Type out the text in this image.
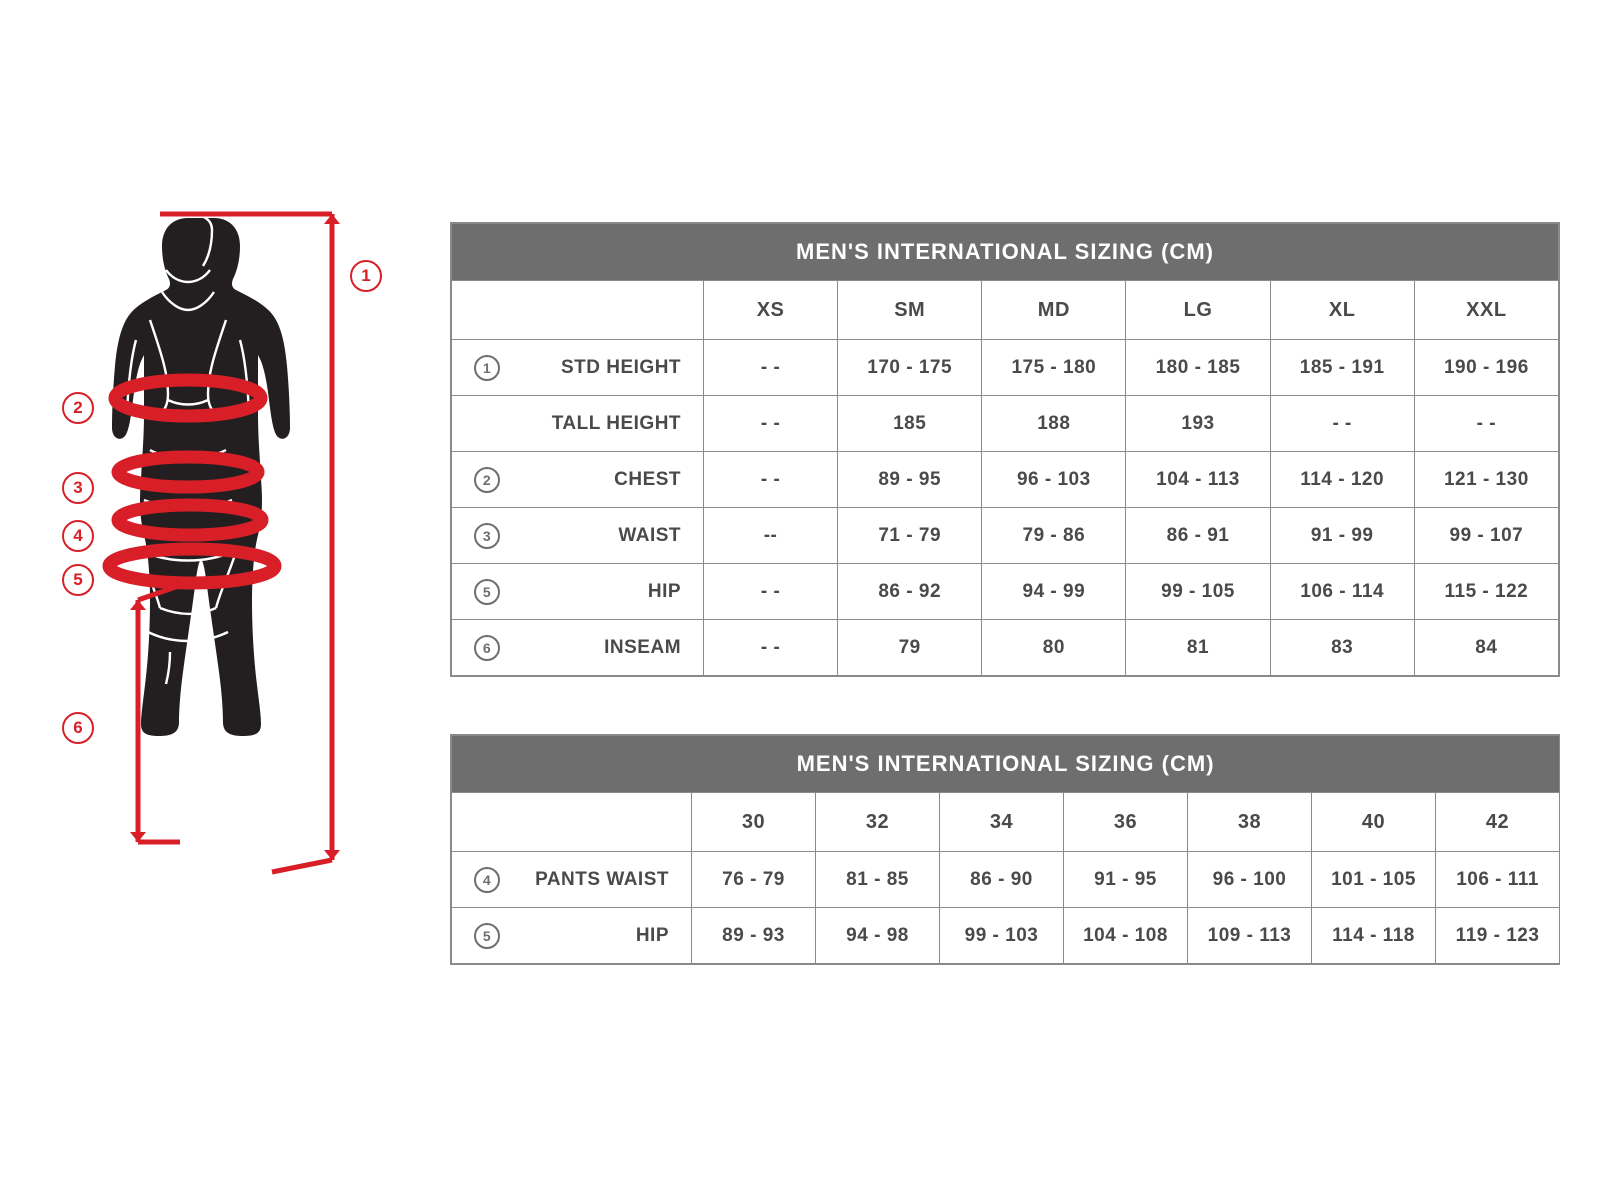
1
2
3
4
5
6
MEN'S INTERNATIONAL SIZING (CM)						
	XS	SM	MD	LG	XL	XXL

1 STD HEIGHT	- -	170 - 175	175 - 180	180 - 185	185 - 191	190 - 196

TALL HEIGHT	- -	185	188	193	- -	- -

2 CHEST	- -	89 - 95	96 - 103	104 - 113	114 - 120	121 - 130

3 WAIST	--	71 - 79	79 - 86	86 - 91	91 - 99	99 - 107

5 HIP	- -	86 - 92	94 - 99	99 - 105	106 - 114	115 - 122

6 INSEAM	- -	79	80	81	83	84
MEN'S INTERNATIONAL SIZING (CM)							
	30	32	34	36	38	40	42

4 PANTS WAIST	76 - 79	81 - 85	86 - 90	91 - 95	96 - 100	101 - 105	106 - 111

5 HIP	89 - 93	94 - 98	99 - 103	104 - 108	109 - 113	114 - 118	119 - 123
